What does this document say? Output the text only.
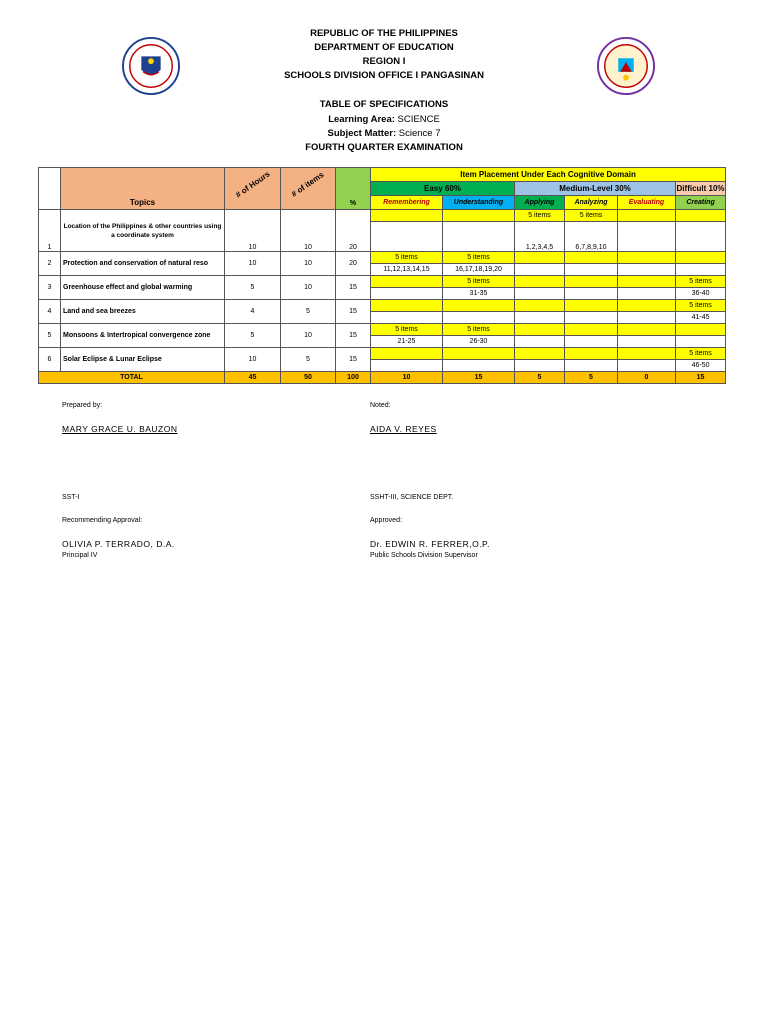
REPUBLIC OF THE PHILIPPINES
DEPARTMENT OF EDUCATION
REGION I
SCHOOLS DIVISION OFFICE I PANGASINAN
TABLE OF SPECIFICATIONS
Learning Area: SCIENCE
Subject Matter: Science 7
FOURTH QUARTER EXAMINATION
	Topics	# of Hours	# of items	%	Item Placement Under Each Cognitive Domain					
					Easy 60%		Medium-Level 30%			Difficult 10%
					Remembering	Understanding	Applying	Analyzing	Evaluating	Creating
1	Location of the Philippines & other countries using a coordinate system	10	10	20			5 items	5 items		
							1,2,3,4,5	6,7,8,9,10		

2	Protection and conservation of natural reso	10	10	20	5 items	5 items				
					11,12,13,14,15	16,17,18,19,20				
3	Greenhouse effect and global warming	5	10	15		5 items				5 items
						31-35				36-40
4	Land and sea breezes	4	5	15						5 items
										41-45
5	Monsoons & Intertropical convergence zone	5	10	15	5 items	5 items				
					21-25	26-30				
6	Solar Eclipse & Lunar Eclipse	10	5	15						5 items
										46-50
TOTAL		45	50	100	10	15	5	5	0	15
Prepared by:
MARY GRACE U. BAUZON
SST-I
Noted:
AIDA V. REYES
SSHT-III, SCIENCE DEPT.
Recommending Approval:
OLIVIA P. TERRADO, D.A.
Principal IV
Approved:
Dr. EDWIN R. FERRER,O.P.
Public Schools Division Supervisor
